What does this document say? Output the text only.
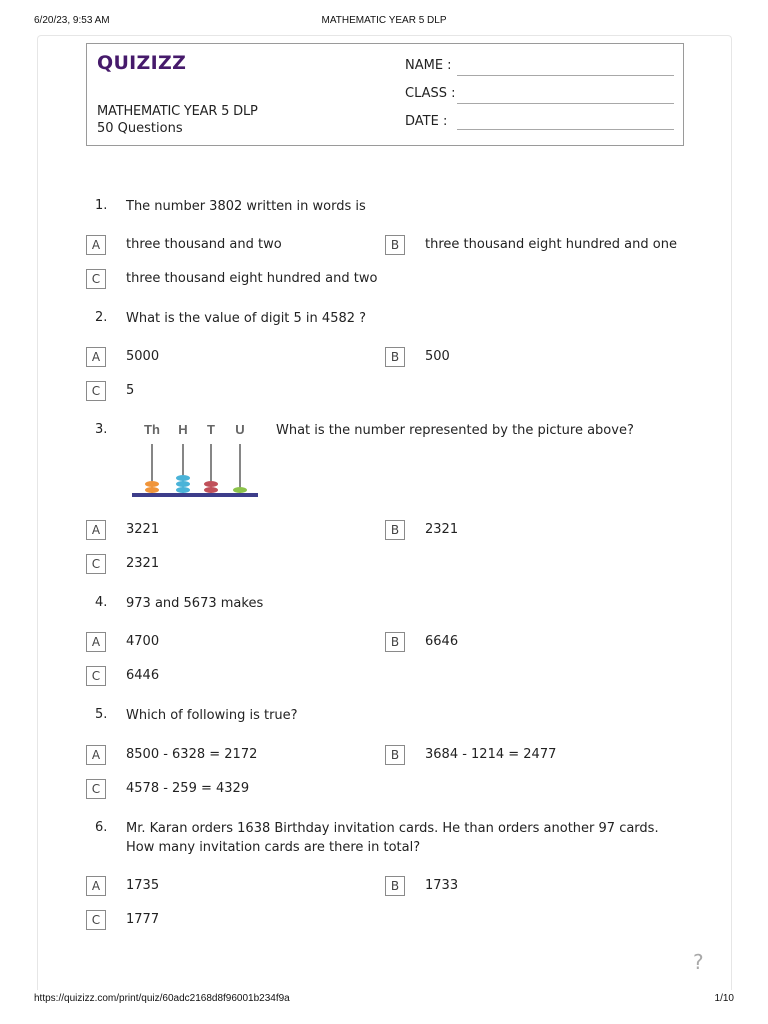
6/20/23, 9:53 AM	MATHEMATIC YEAR 5 DLP
QUIZIZZ
MATHEMATIC YEAR 5 DLP
50 Questions
NAME :
CLASS :
DATE :
1. The number 3802 written in words is
A	three thousand and two	B	three thousand eight hundred and one
C	three thousand eight hundred and two
2. What is the value of digit 5 in 4582 ?
A	5000	B	500
C	5
3.	What is the number represented by the picture above?
Th H T U
A	3221	B	2321
C	2321
4. 973 and 5673 makes
A	4700	B	6646
C	6446
5. Which of following is true?
A	8500 - 6328 = 2172	B	3684 - 1214 = 2477
C	4578 - 259 = 4329
6. Mr. Karan orders 1638 Birthday invitation cards. He than orders another 97 cards. How many invitation cards are there in total?
A	1735	B	1733
C	1777
?
https://quizizz.com/print/quiz/60adc2168d8f96001b234f9a	1/10
